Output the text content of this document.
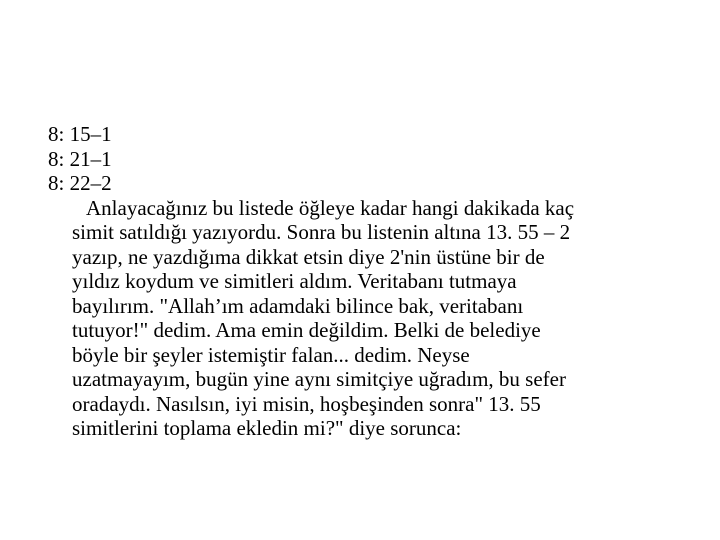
8: 15–1

8: 21–1

8: 22–2

Anlayacağınız bu listede öğleye kadar hangi dakikada kaç
simit satıldığı yazıyordu. Sonra bu listenin altına 13. 55 – 2
yazıp, ne yazdığıma dikkat etsin diye 2'nin üstüne bir de
yıldız koydum ve simitleri aldım. Veritabanı tutmaya
bayılırım. "Allah’ım adamdaki bilince bak, veritabanı
tutuyor!" dedim. Ama emin değildim. Belki de belediye
böyle bir şeyler istemiştir falan... dedim. Neyse
uzatmayayım, bugün yine aynı simitçiye uğradım, bu sefer
oradaydı. Nasılsın, iyi misin, hoşbeşinden sonra" 13. 55
simitlerini toplama ekledin mi?" diye sorunca:
